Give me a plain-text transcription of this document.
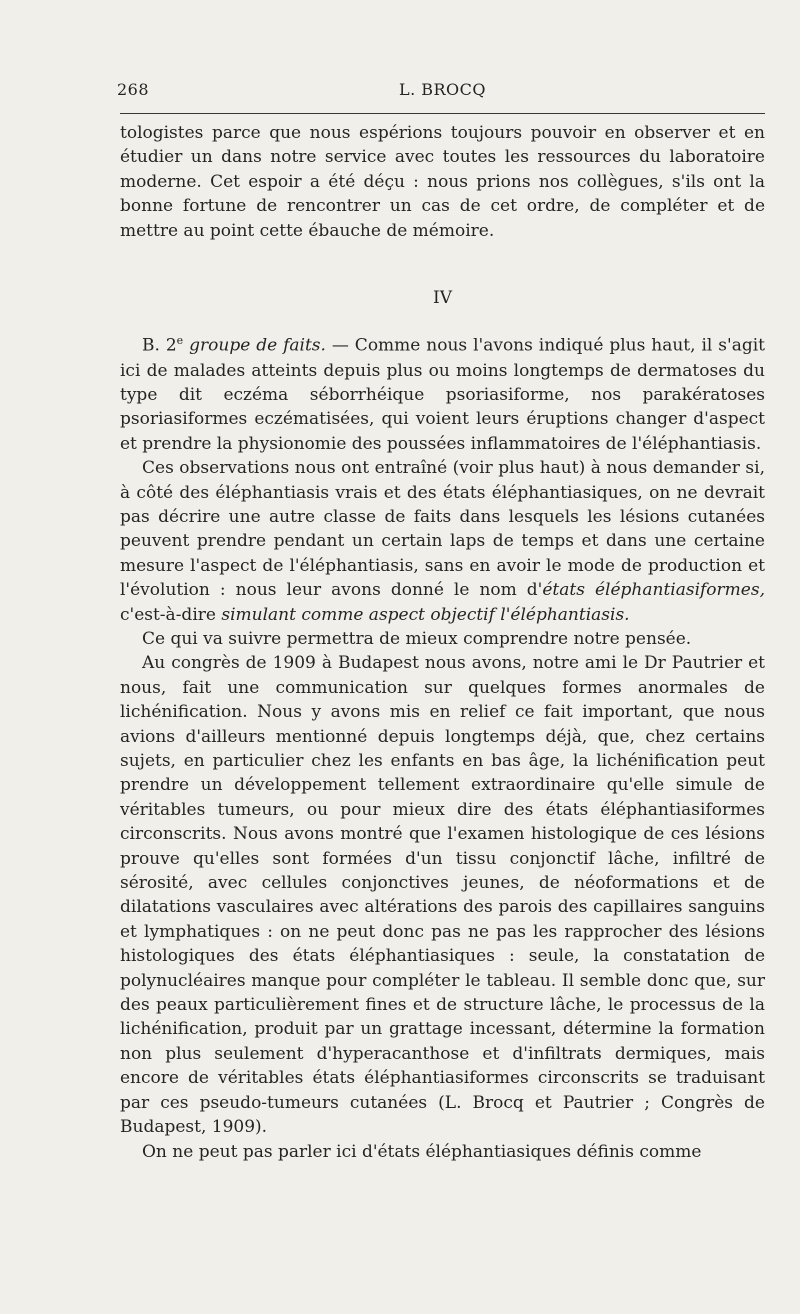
268	L. BROCQ

tologistes parce que nous espérions toujours pouvoir en observer et en étudier un dans notre service avec toutes les ressources du laboratoire moderne. Cet espoir a été déçu : nous prions nos collègues, s'ils ont la bonne fortune de rencontrer un cas de cet ordre, de compléter et de mettre au point cette ébauche de mémoire.

IV

B. 2e groupe de faits. — Comme nous l'avons indiqué plus haut, il s'agit ici de malades atteints depuis plus ou moins longtemps de dermatoses du type dit eczéma séborrhéique psoriasiforme, nos parakératoses psoriasiformes eczématisées, qui voient leurs éruptions changer d'aspect et prendre la physionomie des poussées inflammatoires de l'éléphantiasis.

Ces observations nous ont entraîné (voir plus haut) à nous demander si, à côté des éléphantiasis vrais et des états éléphantiasiques, on ne devrait pas décrire une autre classe de faits dans lesquels les lésions cutanées peuvent prendre pendant un certain laps de temps et dans une certaine mesure l'aspect de l'éléphantiasis, sans en avoir le mode de production et l'évolution : nous leur avons donné le nom d'états éléphantiasiformes, c'est-à-dire simulant comme aspect objectif l'éléphantiasis.

Ce qui va suivre permettra de mieux comprendre notre pensée.

Au congrès de 1909 à Budapest nous avons, notre ami le Dr Pautrier et nous, fait une communication sur quelques formes anormales de lichénification. Nous y avons mis en relief ce fait important, que nous avions d'ailleurs mentionné depuis longtemps déjà, que, chez certains sujets, en particulier chez les enfants en bas âge, la lichénification peut prendre un développement tellement extraordinaire qu'elle simule de véritables tumeurs, ou pour mieux dire des états éléphantiasiformes circonscrits. Nous avons montré que l'examen histologique de ces lésions prouve qu'elles sont formées d'un tissu conjonctif lâche, infiltré de sérosité, avec cellules conjonctives jeunes, de néoformations et de dilatations vasculaires avec altérations des parois des capillaires sanguins et lymphatiques : on ne peut donc pas ne pas les rapprocher des lésions histologiques des états éléphantiasiques : seule, la constatation de polynucléaires manque pour compléter le tableau. Il semble donc que, sur des peaux particulièrement fines et de structure lâche, le processus de la lichénification, produit par un grattage incessant, détermine la formation non plus seulement d'hyperacanthose et d'infiltrats dermiques, mais encore de véritables états éléphantiasiformes circonscrits se traduisant par ces pseudo-tumeurs cutanées (L. Brocq et Pautrier ; Congrès de Budapest, 1909).

On ne peut pas parler ici d'états éléphantiasiques définis comme
